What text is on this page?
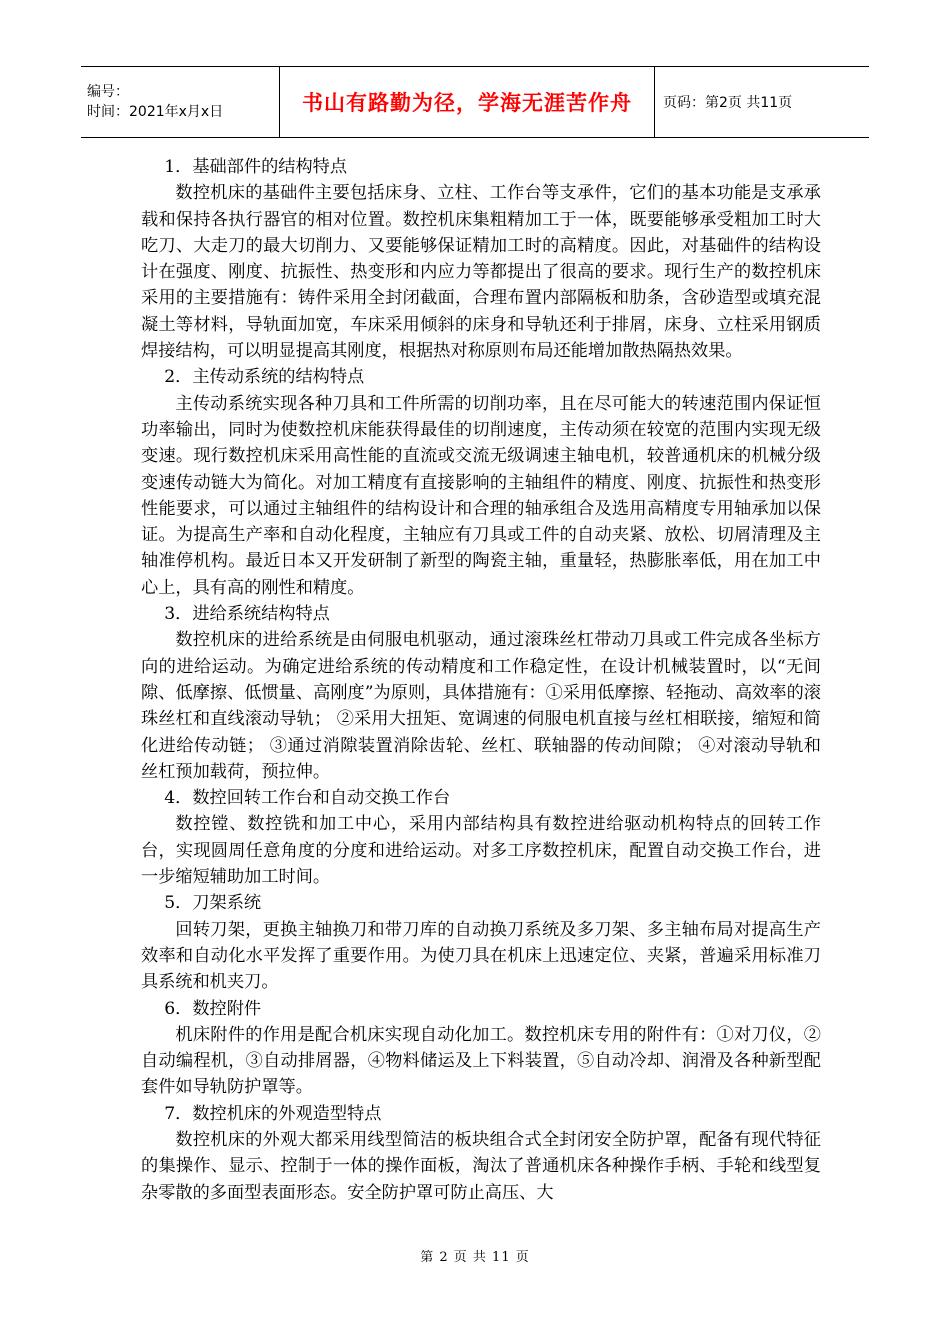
编号：
时间：2021年x月x日	书山有路勤为径，学海无涯苦作舟 页码：第2页 共11页

1．基础部件的结构特点

数控机床的基础件主要包括床身、立柱、工作台等支承件，它们的基本功能是支承承载和保持各执行器官的相对位置。数控机床集粗精加工于一体，既要能够承受粗加工时大吃刀、大走刀的最大切削力、又要能够保证精加工时的高精度。因此，对基础件的结构设计在强度、刚度、抗振性、热变形和内应力等都提出了很高的要求。现行生产的数控机床采用的主要措施有：铸件采用全封闭截面，合理布置内部隔板和肋条，含砂造型或填充混凝土等材料，导轨面加宽，车床采用倾斜的床身和导轨还利于排屑，床身、立柱采用钢质焊接结构，可以明显提高其刚度，根据热对称原则布局还能增加散热隔热效果。

2．主传动系统的结构特点

主传动系统实现各种刀具和工件所需的切削功率，且在尽可能大的转速范围内保证恒功率输出，同时为使数控机床能获得最佳的切削速度，主传动须在较宽的范围内实现无级变速。现行数控机床采用高性能的直流或交流无级调速主轴电机，较普通机床的机械分级变速传动链大为简化。对加工精度有直接影响的主轴组件的精度、刚度、抗振性和热变形性能要求，可以通过主轴组件的结构设计和合理的轴承组合及选用高精度专用轴承加以保证。为提高生产率和自动化程度，主轴应有刀具或工件的自动夹紧、放松、切屑清理及主轴准停机构。最近日本又开发研制了新型的陶瓷主轴，重量轻，热膨胀率低，用在加工中心上，具有高的刚性和精度。

3．进给系统结构特点

数控机床的进给系统是由伺服电机驱动，通过滚珠丝杠带动刀具或工件完成各坐标方向的进给运动。为确定进给系统的传动精度和工作稳定性，在设计机械装置时，以“无间隙、低摩擦、低惯量、高刚度”为原则，具体措施有：①采用低摩擦、轻拖动、高效率的滚珠丝杠和直线滚动导轨； ②采用大扭矩、宽调速的伺服电机直接与丝杠相联接，缩短和简化进给传动链； ③通过消隙装置消除齿轮、丝杠、联轴器的传动间隙； ④对滚动导轨和丝杠预加载荷，预拉伸。

4．数控回转工作台和自动交换工作台

数控镗、数控铣和加工中心，采用内部结构具有数控进给驱动机构特点的回转工作台，实现圆周任意角度的分度和进给运动。对多工序数控机床，配置自动交换工作台，进一步缩短辅助加工时间。

5．刀架系统

回转刀架，更换主轴换刀和带刀库的自动换刀系统及多刀架、多主轴布局对提高生产效率和自动化水平发挥了重要作用。为使刀具在机床上迅速定位、夹紧，普遍采用标准刀具系统和机夹刀。

6．数控附件

机床附件的作用是配合机床实现自动化加工。数控机床专用的附件有：①对刀仪，②自动编程机，③自动排屑器，④物料储运及上下料装置，⑤自动冷却、润滑及各种新型配套件如导轨防护罩等。

7．数控机床的外观造型特点

数控机床的外观大都采用线型简洁的板块组合式全封闭安全防护罩，配备有现代特征的集操作、显示、控制于一体的操作面板，淘汰了普通机床各种操作手柄、手轮和线型复杂零散的多面型表面形态。安全防护罩可防止高压、大

第 2 页 共 11 页
